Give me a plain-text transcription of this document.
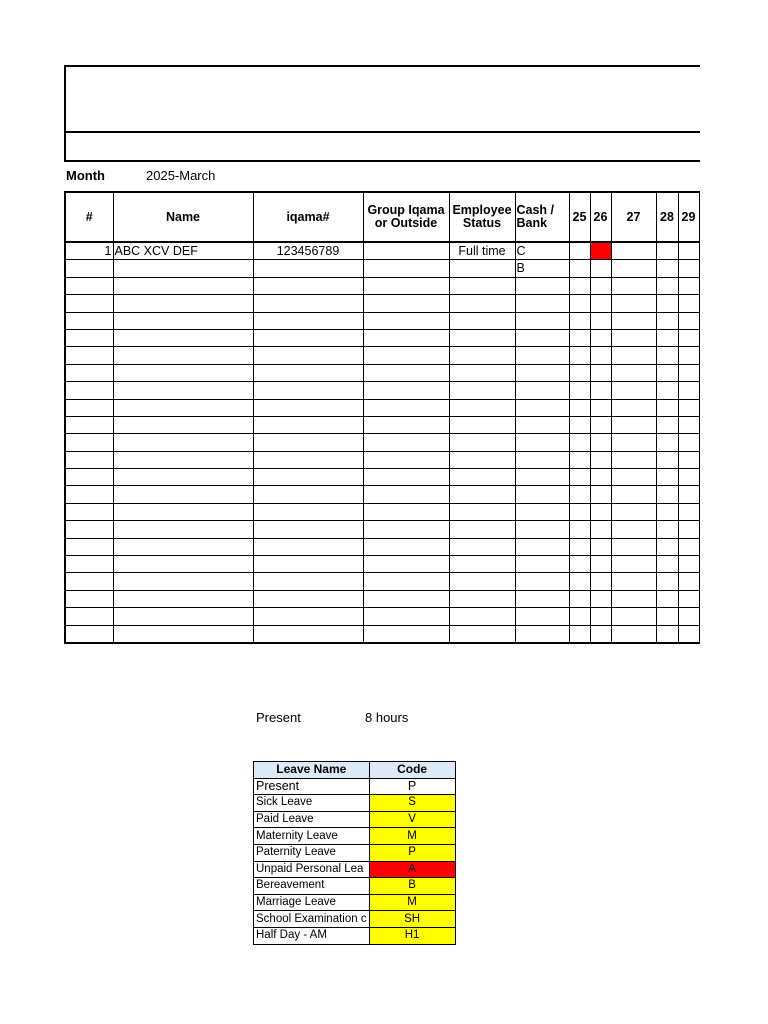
Month	2025-March
#	Name	iqama#	Group Iqama or Outside	Employee Status	Cash / Bank	25	26	27	28	29
1	ABC XCV DEF	123456789		Full time	C					
					B					

Present	8 hours
Leave Name	Code
Present	P
Sick Leave	S
Paid Leave	V
Maternity Leave	M
Paternity Leave	P
Unpaid Personal Lea	A
Bereavement	B
Marriage Leave	M
School Examination c	SH
Half Day - AM	H1
